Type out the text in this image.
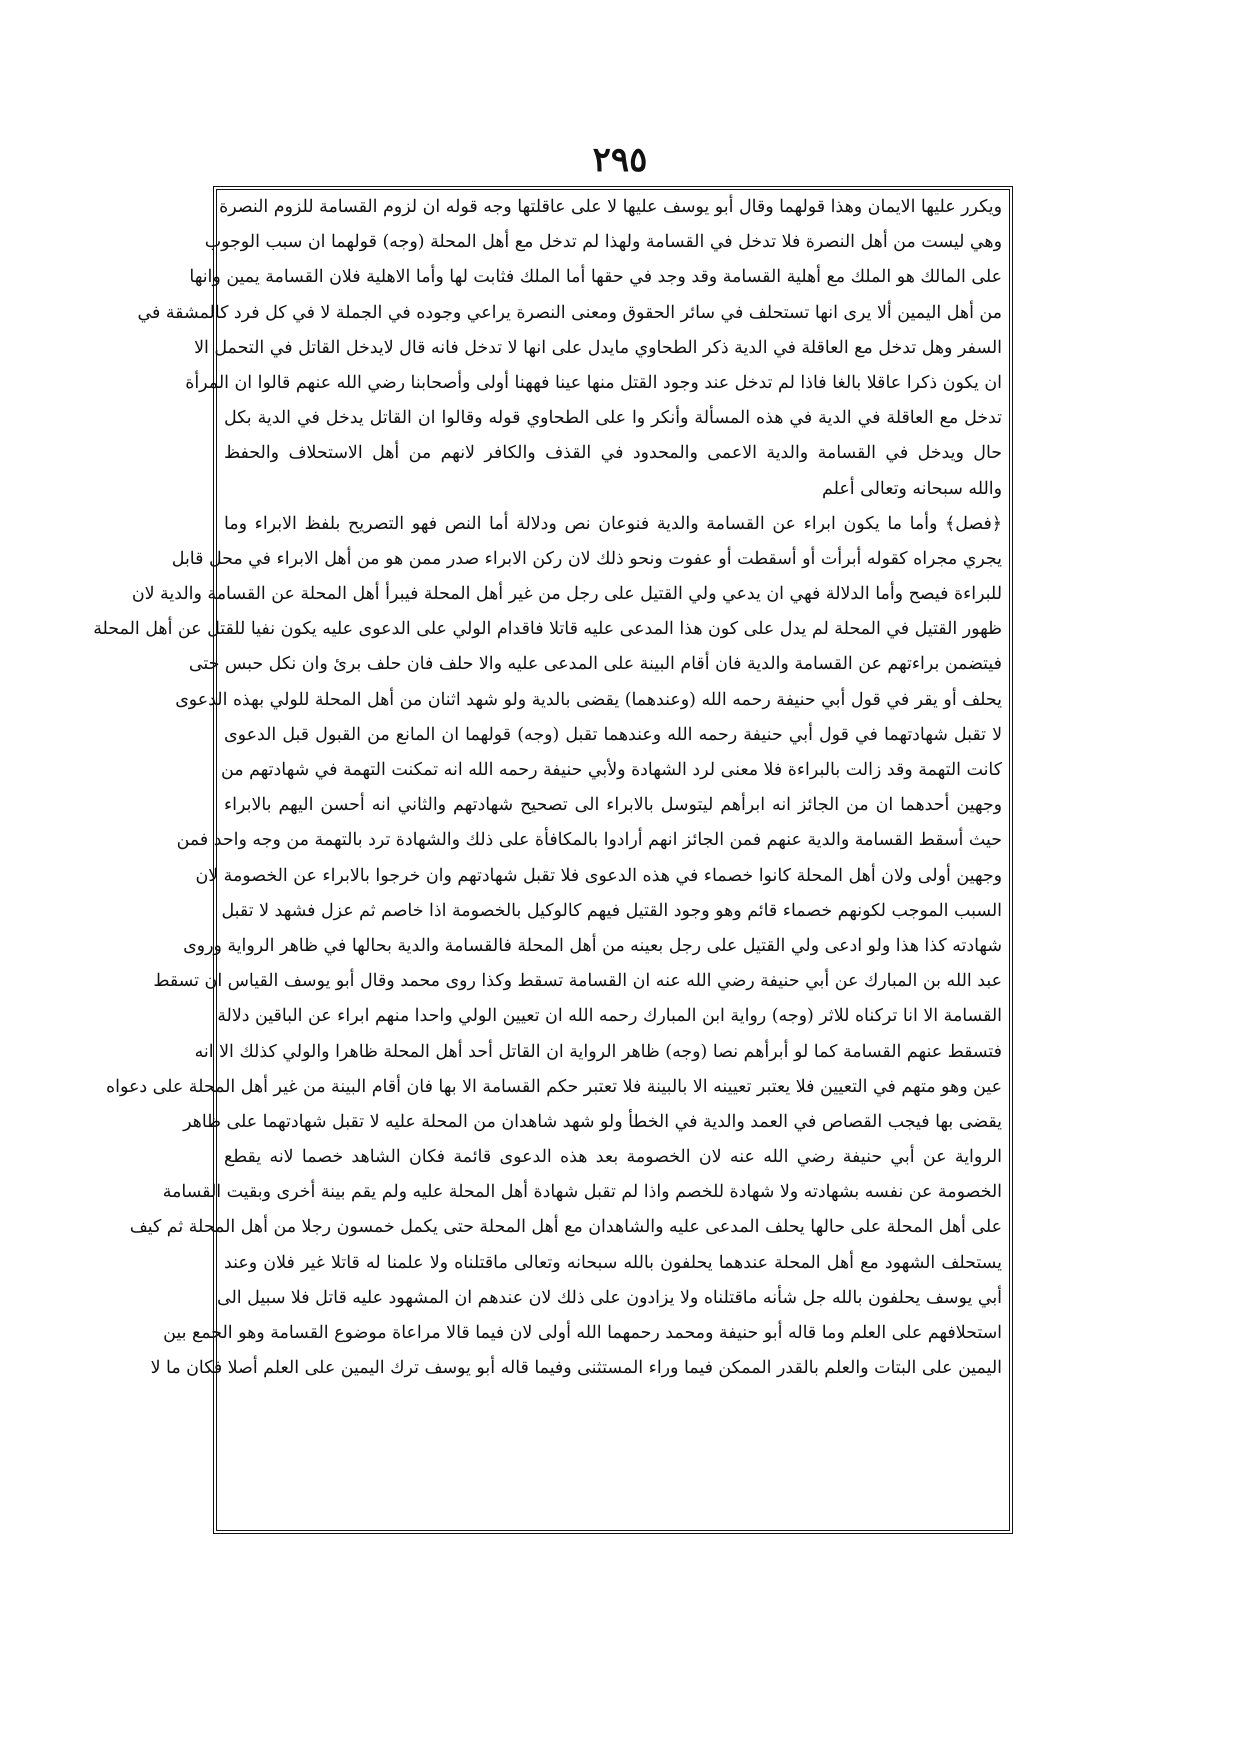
٢٩٥
ويكرر عليها الايمان وهذا قولهما وقال أبو يوسف عليها لا على عاقلتها وجه قوله ان لزوم القسامة للزوم النصرة
وهي ليست من أهل النصرة فلا تدخل في القسامة ولهذا لم تدخل مع أهل المحلة (وجه) قولهما ان سبب الوجوب
على المالك هو الملك مع أهلية القسامة وقد وجد في حقها أما الملك فثابت لها وأما الاهلية فلان القسامة يمين وانها
من أهل اليمين ألا يرى انها تستحلف في سائر الحقوق ومعنى النصرة يراعي وجوده في الجملة لا في كل فرد كالمشقة في
السفر وهل تدخل مع العاقلة في الدية ذكر الطحاوي مايدل على انها لا تدخل فانه قال لايدخل القاتل في التحمل الا
ان يكون ذكرا عاقلا بالغا فاذا لم تدخل عند وجود القتل منها عينا فههنا أولى وأصحابنا رضي الله عنهم قالوا ان المرأة
تدخل مع العاقلة في الدية في هذه المسألة وأنكر وا على الطحاوي قوله وقالوا ان القاتل يدخل في الدية بكل
حال ويدخل في القسامة والدية الاعمى والمحدود في القذف والكافر لانهم من أهل الاستحلاف والحفظ
والله سبحانه وتعالى أعلم
﴿فصل﴾ وأما ما يكون ابراء عن القسامة والدية فنوعان نص ودلالة أما النص فهو التصريح بلفظ الابراء وما
يجري مجراه كقوله أبرأت أو أسقطت أو عفوت ونحو ذلك لان ركن الابراء صدر ممن هو من أهل الابراء في محل قابل
للبراءة فيصح وأما الدلالة فهي ان يدعي ولي القتيل على رجل من غير أهل المحلة فيبرأ أهل المحلة عن القسامة والدية لان
ظهور القتيل في المحلة لم يدل على كون هذا المدعى عليه قاتلا فاقدام الولي على الدعوى عليه يكون نفيا للقتل عن أهل المحلة
فيتضمن براءتهم عن القسامة والدية فان أقام البينة على المدعى عليه والا حلف فان حلف برئ وان نكل حبس حتى
يحلف أو يقر في قول أبي حنيفة رحمه الله (وعندهما) يقضى بالدية ولو شهد اثنان من أهل المحلة للولي بهذه الدعوى
لا تقبل شهادتهما في قول أبي حنيفة رحمه الله وعندهما تقبل (وجه) قولهما ان المانع من القبول قبل الدعوى
كانت التهمة وقد زالت بالبراءة فلا معنى لرد الشهادة ولأبي حنيفة رحمه الله انه تمكنت التهمة في شهادتهم من
وجهين أحدهما ان من الجائز انه ابرأهم ليتوسل بالابراء الى تصحيح شهادتهم والثاني انه أحسن اليهم بالابراء
حيث أسقط القسامة والدية عنهم فمن الجائز انهم أرادوا بالمكافأة على ذلك والشهادة ترد بالتهمة من وجه واحد فمن
وجهين أولى ولان أهل المحلة كانوا خصماء في هذه الدعوى فلا تقبل شهادتهم وان خرجوا بالابراء عن الخصومة لان
السبب الموجب لكونهم خصماء قائم وهو وجود القتيل فيهم كالوكيل بالخصومة اذا خاصم ثم عزل فشهد لا تقبل
شهادته كذا هذا ولو ادعى ولي القتيل على رجل بعينه من أهل المحلة فالقسامة والدية بحالها في ظاهر الرواية وروى
عبد الله بن المبارك عن أبي حنيفة رضي الله عنه ان القسامة تسقط وكذا روى محمد وقال أبو يوسف القياس ان تسقط
القسامة الا انا تركناه للاثر (وجه) رواية ابن المبارك رحمه الله ان تعيين الولي واحدا منهم ابراء عن الباقين دلالة
فتسقط عنهم القسامة كما لو أبرأهم نصا (وجه) ظاهر الرواية ان القاتل أحد أهل المحلة ظاهرا والولي كذلك الا انه
عين وهو متهم في التعيين فلا يعتبر تعيينه الا بالبينة فلا تعتبر حكم القسامة الا بها فان أقام البينة من غير أهل المحلة على دعواه
يقضى بها فيجب القصاص في العمد والدية في الخطأ ولو شهد شاهدان من المحلة عليه لا تقبل شهادتهما على ظاهر
الرواية عن أبي حنيفة رضي الله عنه لان الخصومة بعد هذه الدعوى قائمة فكان الشاهد خصما لانه يقطع
الخصومة عن نفسه بشهادته ولا شهادة للخصم واذا لم تقبل شهادة أهل المحلة عليه ولم يقم بينة أخرى وبقيت القسامة
على أهل المحلة على حالها يحلف المدعى عليه والشاهدان مع أهل المحلة حتى يكمل خمسون رجلا من أهل المحلة ثم كيف
يستحلف الشهود مع أهل المحلة عندهما يحلفون بالله سبحانه وتعالى ماقتلناه ولا علمنا له قاتلا غير فلان وعند
أبي يوسف يحلفون بالله جل شأنه ماقتلناه ولا يزادون على ذلك لان عندهم ان المشهود عليه قاتل فلا سبيل الى
استحلافهم على العلم وما قاله أبو حنيفة ومحمد رحمهما الله أولى لان فيما قالا مراعاة موضوع القسامة وهو الجمع بين
اليمين على البتات والعلم بالقدر الممكن فيما وراء المستثنى وفيما قاله أبو يوسف ترك اليمين على العلم أصلا فكان ما لا
